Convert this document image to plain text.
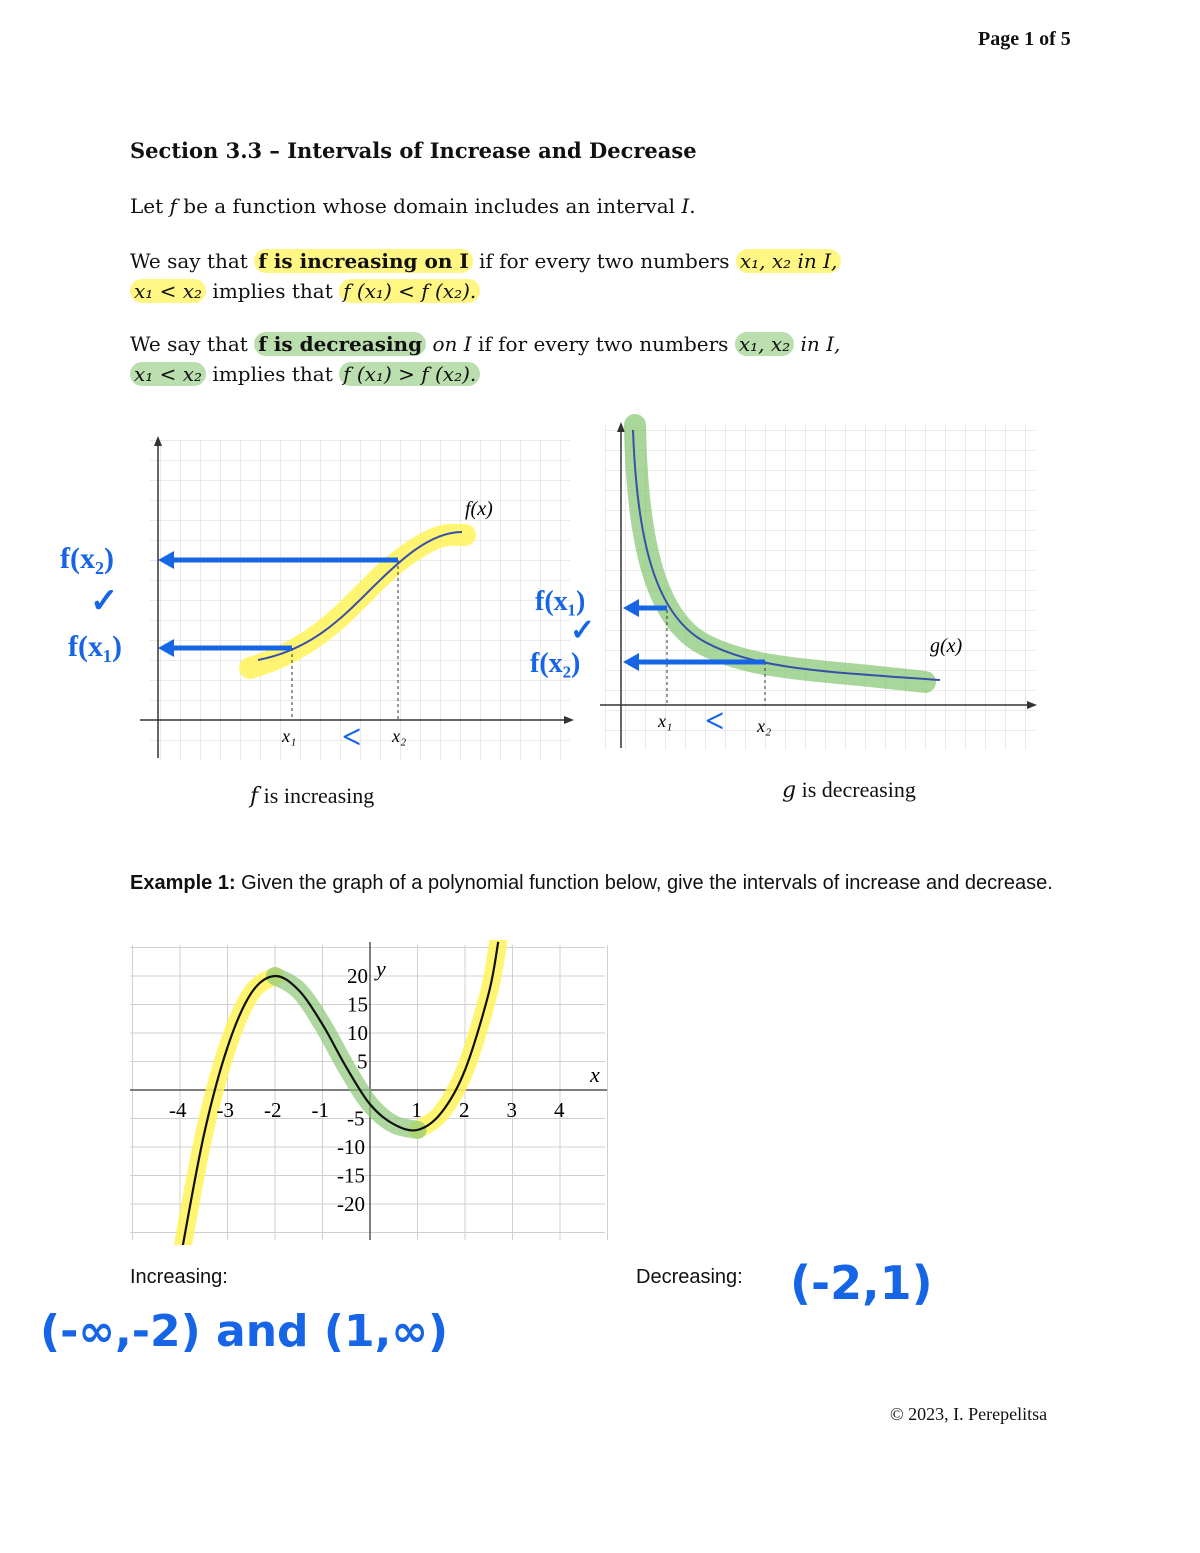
Page 1 of 5
Section 3.3 – Intervals of Increase and Decrease
Let f be a function whose domain includes an interval I.
We say that f is increasing on I if for every two numbers x₁, x₂ in I,
x₁ < x₂ implies that f (x₁) < f (x₂).
We say that f is decreasing on I if for every two numbers x₁, x₂ in I,
x₁ < x₂ implies that f (x₁) > f (x₂).
f(x)
x₁	x₂
<
f(x₂)
✓
f(x₁)
f is increasing
g(x)
x₁	x₂
<
f(x₁)
✓
f(x₂)
g is decreasing
Example 1: Given the graph of a polynomial function below, give the intervals of increase and decrease.
-4 -3 -2 -1	1 2 3 4
20
15
10
5
-5
-10
-15
-20
x
y
Increasing:	Decreasing:
(-∞,-2) and (1,∞)
(-2,1)
© 2023, I. Perepelitsa
